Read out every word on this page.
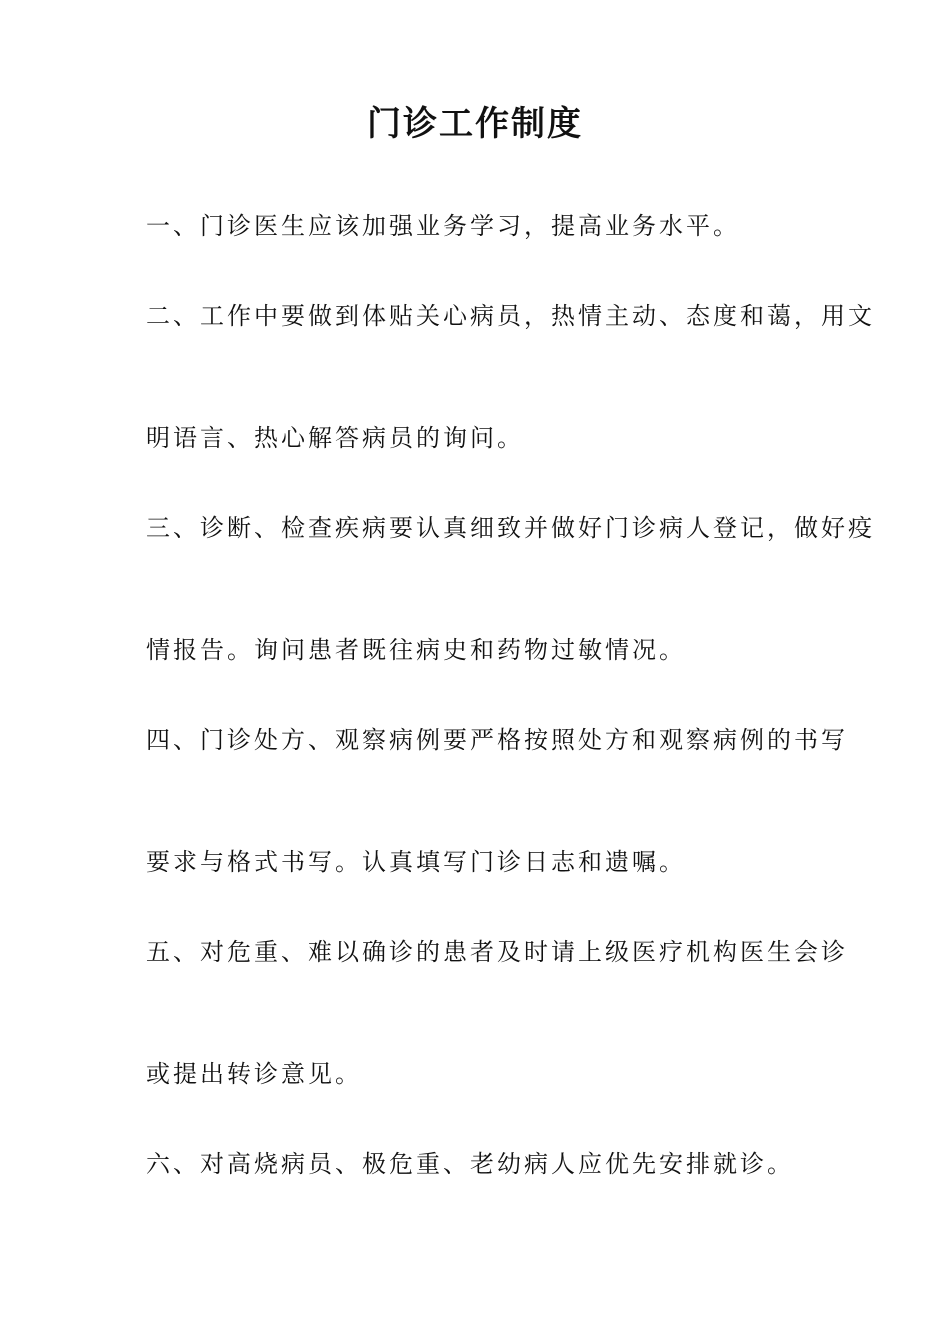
门诊工作制度

一、门诊医生应该加强业务学习，提高业务水平。

二、工作中要做到体贴关心病员，热情主动、态度和蔼，用文

明语言、热心解答病员的询问。

三、诊断、检查疾病要认真细致并做好门诊病人登记，做好疫

情报告。询问患者既往病史和药物过敏情况。

四、门诊处方、观察病例要严格按照处方和观察病例的书写

要求与格式书写。认真填写门诊日志和遗嘱。

五、对危重、难以确诊的患者及时请上级医疗机构医生会诊

或提出转诊意见。

六、对高烧病员、极危重、老幼病人应优先安排就诊。
